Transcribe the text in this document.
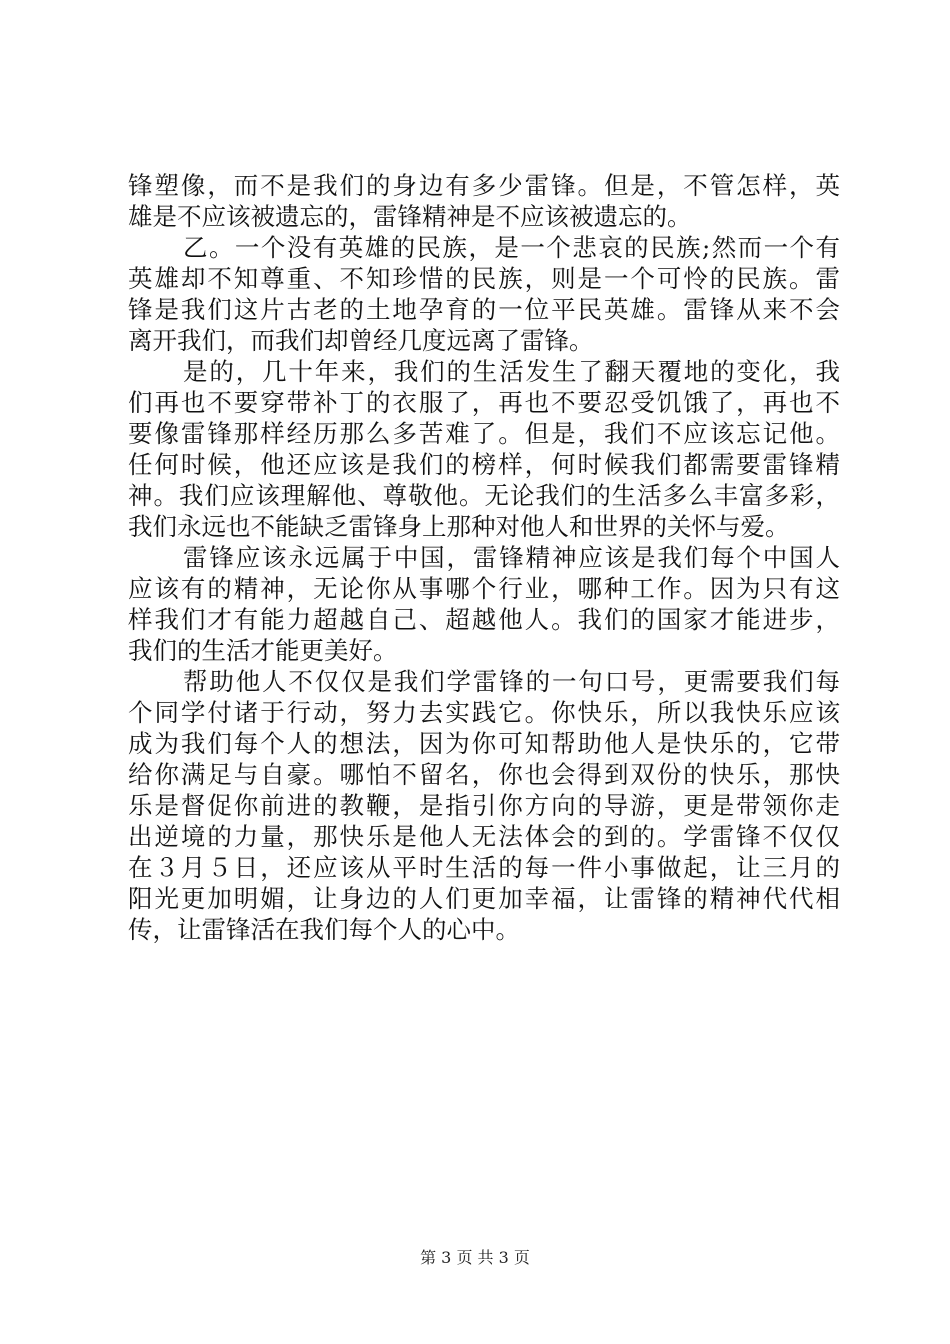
锋塑像，而不是我们的身边有多少雷锋。但是，不管怎样，英
雄是不应该被遗忘的，雷锋精神是不应该被遗忘的。
乙。一个没有英雄的民族，是一个悲哀的民族;然而一个有
英雄却不知尊重、不知珍惜的民族，则是一个可怜的民族。雷
锋是我们这片古老的土地孕育的一位平民英雄。雷锋从来不会
离开我们，而我们却曾经几度远离了雷锋。
是的，几十年来，我们的生活发生了翻天覆地的变化，我
们再也不要穿带补丁的衣服了，再也不要忍受饥饿了，再也不
要像雷锋那样经历那么多苦难了。但是，我们不应该忘记他。
任何时候，他还应该是我们的榜样，何时候我们都需要雷锋精
神。我们应该理解他、尊敬他。无论我们的生活多么丰富多彩，
我们永远也不能缺乏雷锋身上那种对他人和世界的关怀与爱。
雷锋应该永远属于中国，雷锋精神应该是我们每个中国人
应该有的精神，无论你从事哪个行业，哪种工作。因为只有这
样我们才有能力超越自己、超越他人。我们的国家才能进步，
我们的生活才能更美好。
帮助他人不仅仅是我们学雷锋的一句口号，更需要我们每
个同学付诸于行动，努力去实践它。你快乐，所以我快乐应该
成为我们每个人的想法，因为你可知帮助他人是快乐的，它带
给你满足与自豪。哪怕不留名，你也会得到双份的快乐，那快
乐是督促你前进的教鞭，是指引你方向的导游，更是带领你走
出逆境的力量，那快乐是他人无法体会的到的。学雷锋不仅仅
在３月５日，还应该从平时生活的每一件小事做起，让三月的
阳光更加明媚，让身边的人们更加幸福，让雷锋的精神代代相
传，让雷锋活在我们每个人的心中。
第 3 页 共 3 页
